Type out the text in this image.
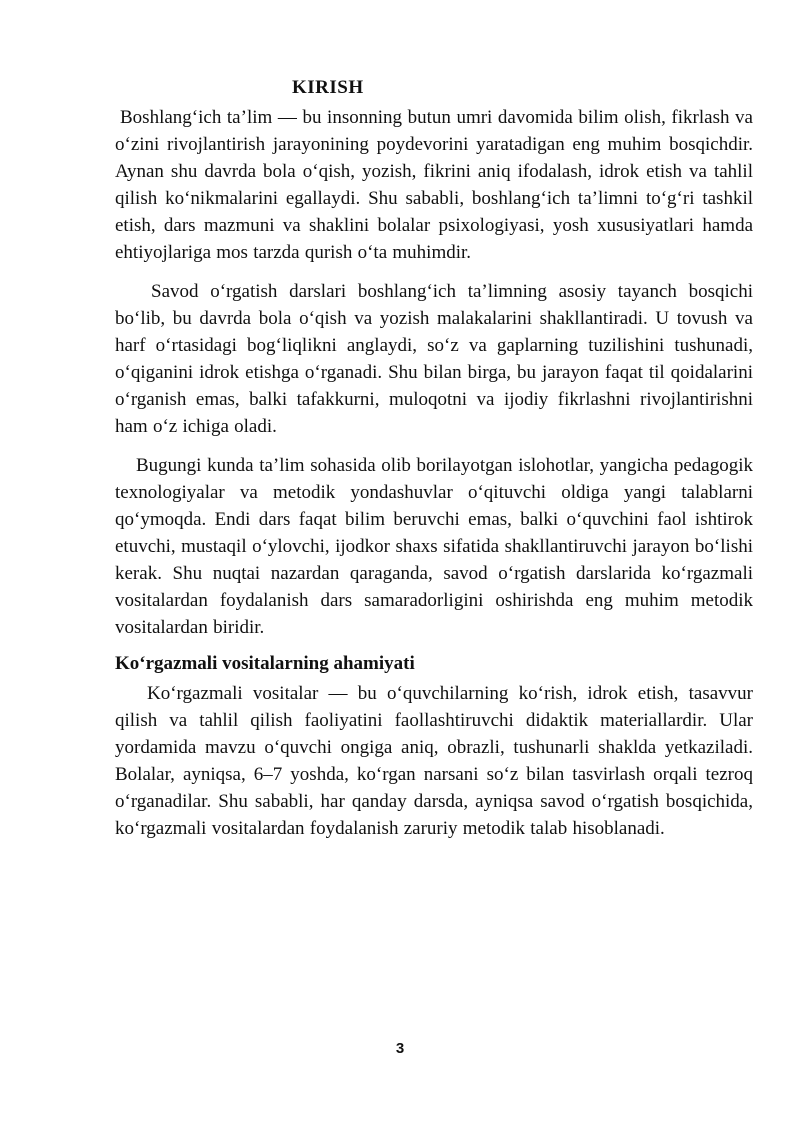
KIRISH

Boshlang‘ich ta’lim — bu insonning butun umri davomida bilim olish, fikrlash va o‘zini rivojlantirish jarayonining poydevorini yaratadigan eng muhim bosqichdir. Aynan shu davrda bola o‘qish, yozish, fikrini aniq ifodalash, idrok etish va tahlil qilish ko‘nikmalarini egallaydi. Shu sababli, boshlang‘ich ta’limni to‘g‘ri tashkil etish, dars mazmuni va shaklini bolalar psixologiyasi, yosh xususiyatlari hamda ehtiyojlariga mos tarzda qurish o‘ta muhimdir.

Savod o‘rgatish darslari boshlang‘ich ta’limning asosiy tayanch bosqichi bo‘lib, bu davrda bola o‘qish va yozish malakalarini shakllantiradi. U tovush va harf o‘rtasidagi bog‘liqlikni anglaydi, so‘z va gaplarning tuzilishini tushunadi, o‘qiganini idrok etishga o‘rganadi. Shu bilan birga, bu jarayon faqat til qoidalarini o‘rganish emas, balki tafakkurni, muloqotni va ijodiy fikrlashni rivojlantirishni ham o‘z ichiga oladi.

Bugungi kunda ta’lim sohasida olib borilayotgan islohotlar, yangicha pedagogik texnologiyalar va metodik yondashuvlar o‘qituvchi oldiga yangi talablarni qo‘ymoqda. Endi dars faqat bilim beruvchi emas, balki o‘quvchini faol ishtirok etuvchi, mustaqil o‘ylovchi, ijodkor shaxs sifatida shakllantiruvchi jarayon bo‘lishi kerak. Shu nuqtai nazardan qaraganda, savod o‘rgatish darslarida ko‘rgazmali vositalardan foydalanish dars samaradorligini oshirishda eng muhim metodik vositalardan biridir.

Ko‘rgazmali vositalarning ahamiyati

Ko‘rgazmali vositalar — bu o‘quvchilarning ko‘rish, idrok etish, tasavvur qilish va tahlil qilish faoliyatini faollashtiruvchi didaktik materiallardir. Ular yordamida mavzu o‘quvchi ongiga aniq, obrazli, tushunarli shaklda yetkaziladi. Bolalar, ayniqsa, 6–7 yoshda, ko‘rgan narsani so‘z bilan tasvirlash orqali tezroq o‘rganadilar. Shu sababli, har qanday darsda, ayniqsa savod o‘rgatish bosqichida, ko‘rgazmali vositalardan foydalanish zaruriy metodik talab hisoblanadi.

3
